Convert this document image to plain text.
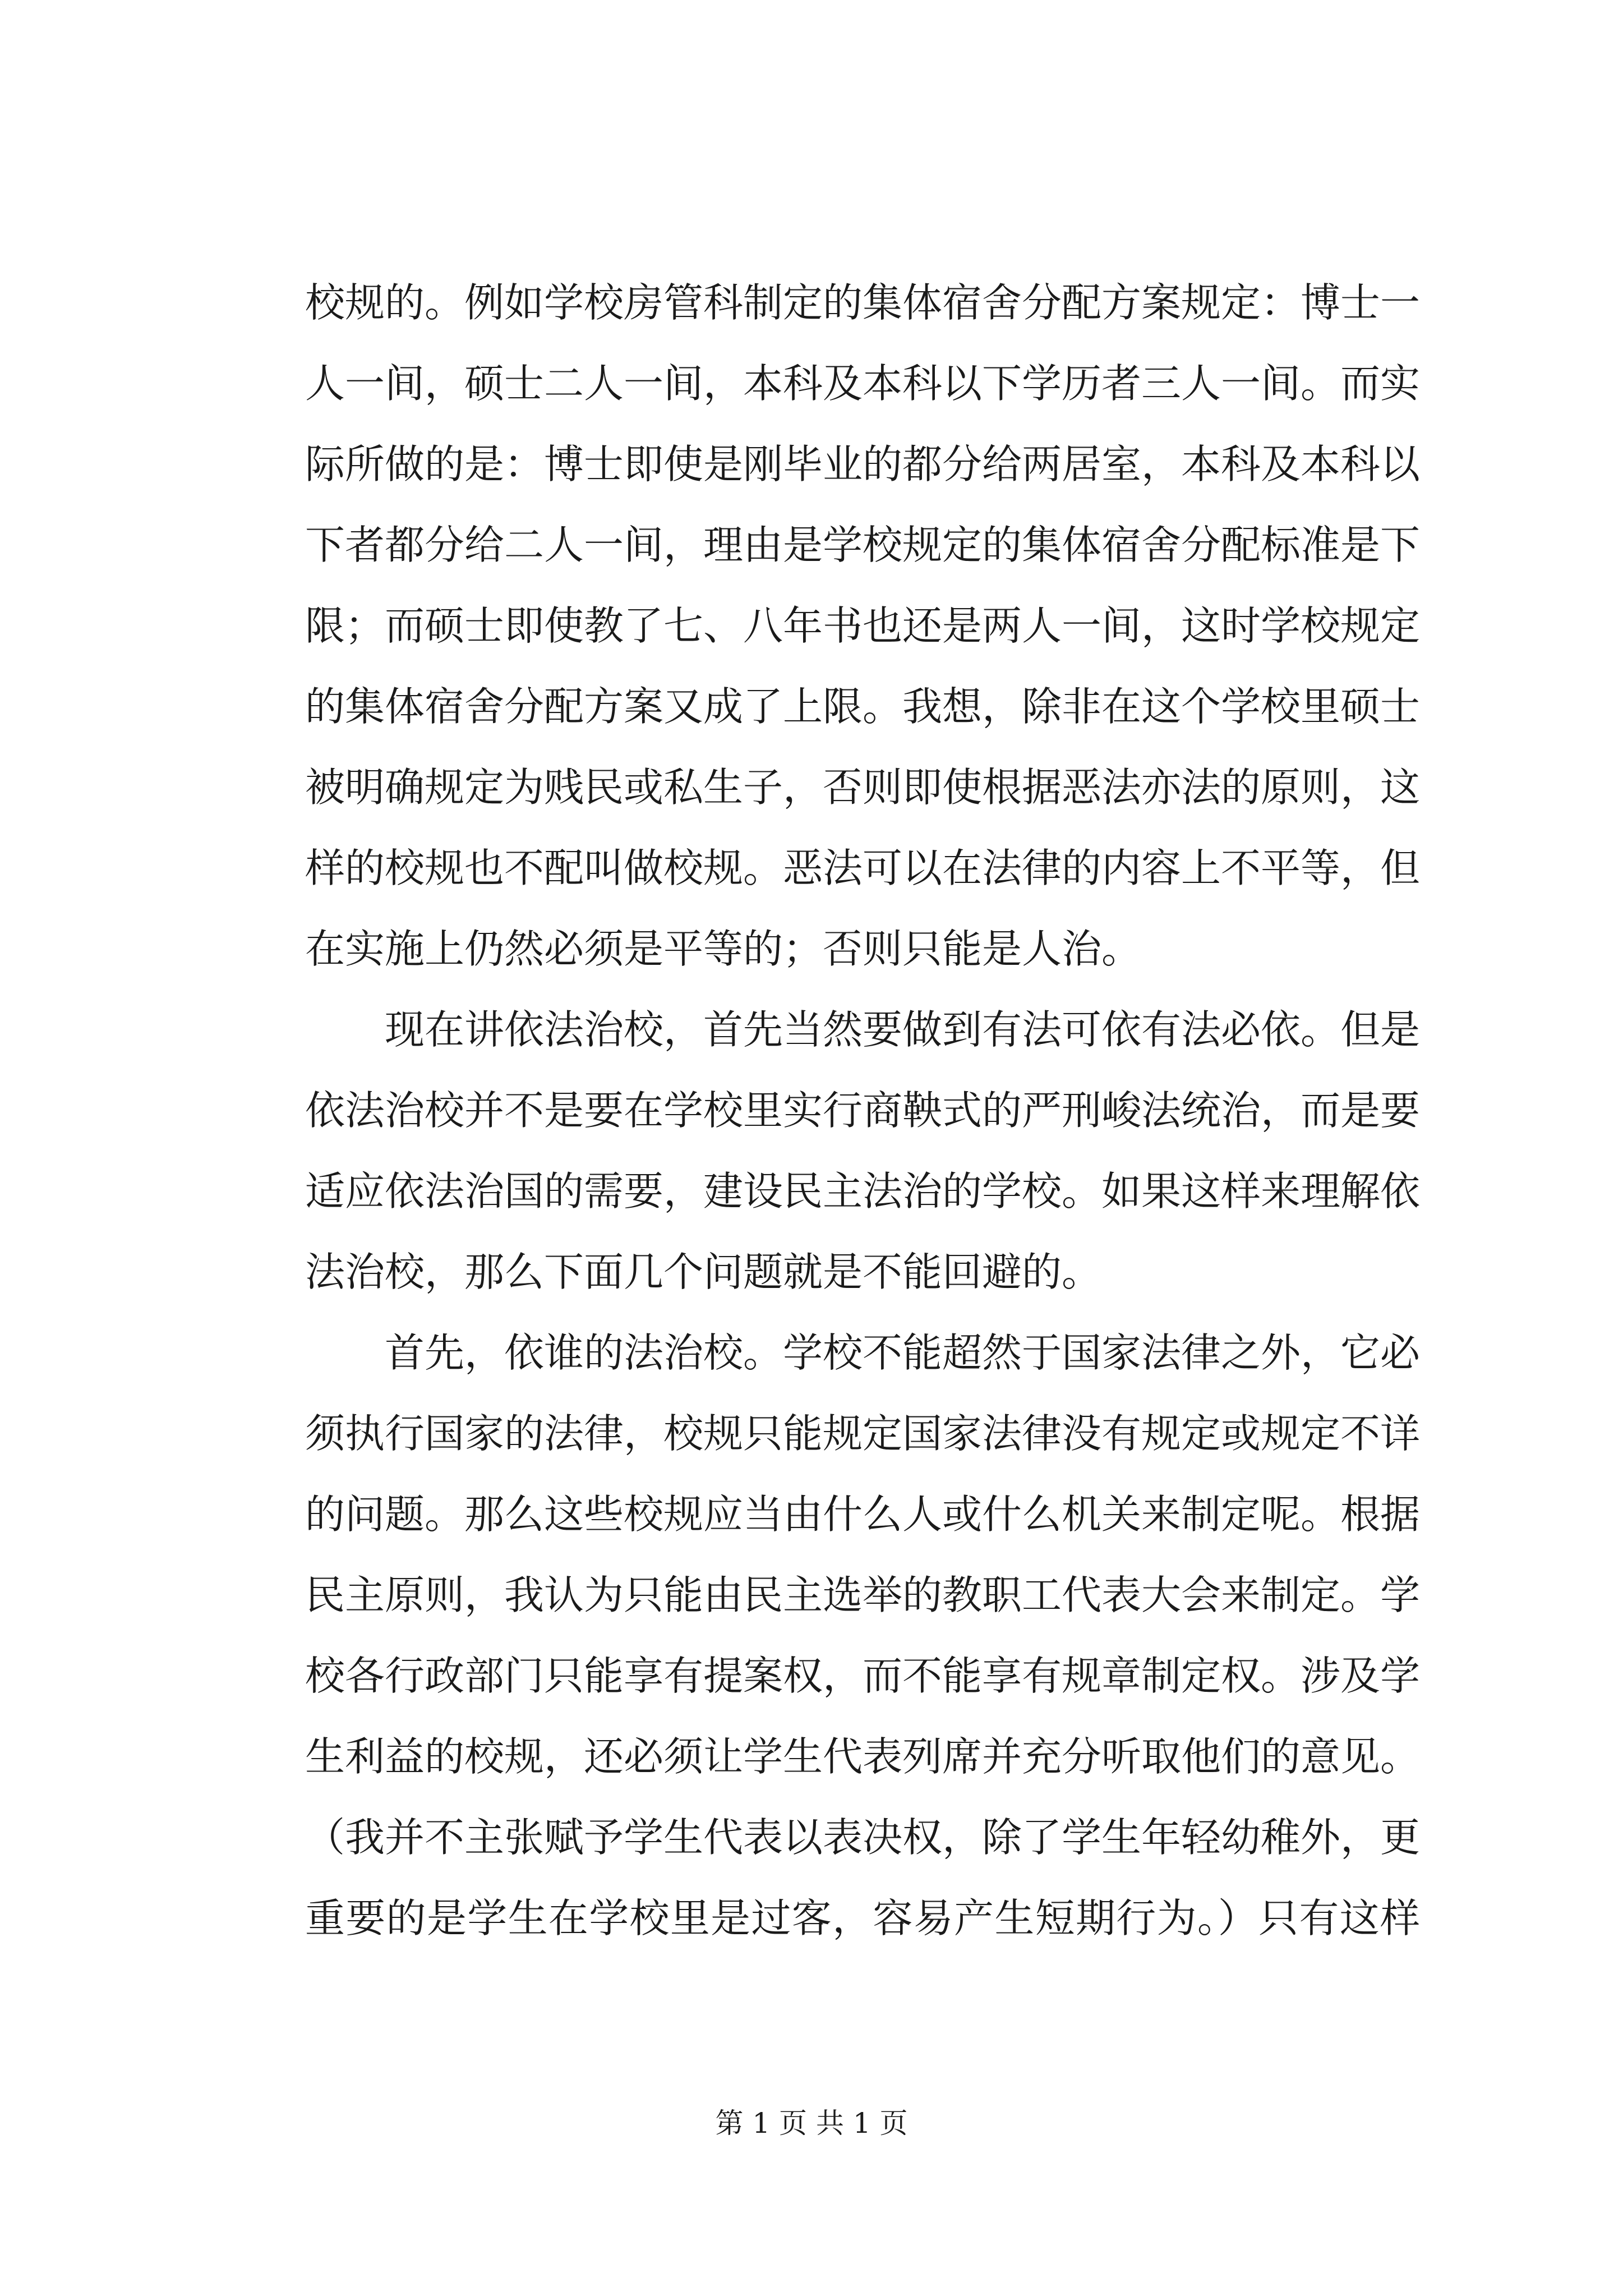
校规的。例如学校房管科制定的集体宿舍分配方案规定：博士一
人一间，硕士二人一间，本科及本科以下学历者三人一间。而实
际所做的是：博士即使是刚毕业的都分给两居室，本科及本科以
下者都分给二人一间，理由是学校规定的集体宿舍分配标准是下
限；而硕士即使教了七、八年书也还是两人一间，这时学校规定
的集体宿舍分配方案又成了上限。我想，除非在这个学校里硕士
被明确规定为贱民或私生子，否则即使根据恶法亦法的原则，这
样的校规也不配叫做校规。恶法可以在法律的内容上不平等，但
在实施上仍然必须是平等的；否则只能是人治。
现在讲依法治校，首先当然要做到有法可依有法必依。但是
依法治校并不是要在学校里实行商鞅式的严刑峻法统治，而是要
适应依法治国的需要，建设民主法治的学校。如果这样来理解依
法治校，那么下面几个问题就是不能回避的。
首先，依谁的法治校。学校不能超然于国家法律之外，它必
须执行国家的法律，校规只能规定国家法律没有规定或规定不详
的问题。那么这些校规应当由什么人或什么机关来制定呢。根据
民主原则，我认为只能由民主选举的教职工代表大会来制定。学
校各行政部门只能享有提案权，而不能享有规章制定权。涉及学
生利益的校规，还必须让学生代表列席并充分听取他们的意见。
（我并不主张赋予学生代表以表决权，除了学生年轻幼稚外，更
重要的是学生在学校里是过客，容易产生短期行为。）只有这样
第 1 页 共 1 页
